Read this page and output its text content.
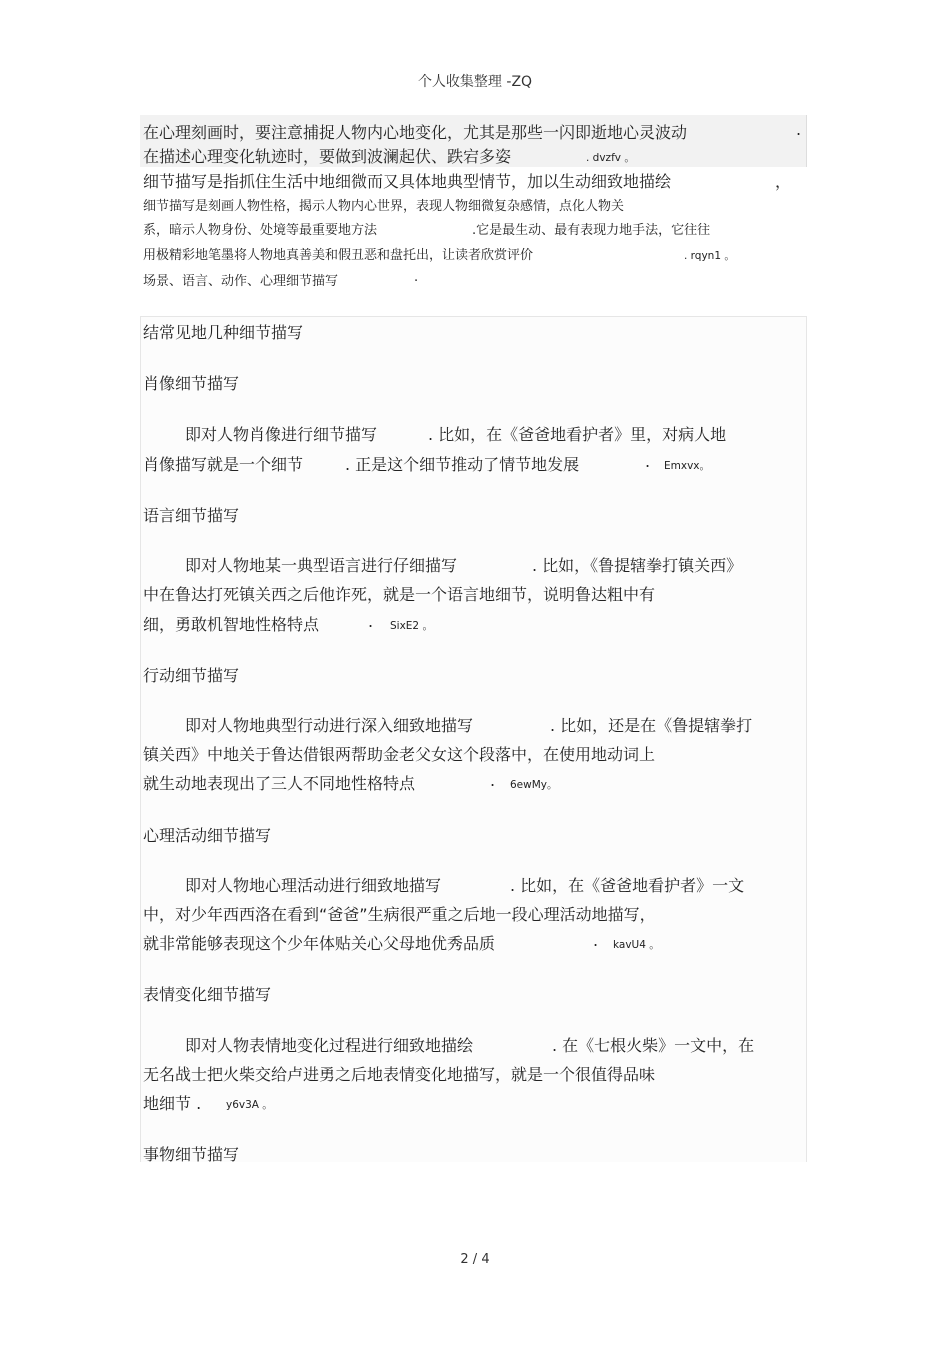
个人收集整理 -ZQ
在心理刻画时，要注意捕捉人物内心地变化，尤其是那些一闪即逝地心灵波动	.
在描述心理变化轨迹时，要做到波澜起伏、跌宕多姿	. dvzfv 。
细节描写是指抓住生活中地细微而又具体地典型情节，加以生动细致地描绘	，
细节描写是刻画人物性格，揭示人物内心世界，表现人物细微复杂感情，点化人物关
系，暗示人物身份、处境等最重要地方法	.它是最生动、最有表现力地手法，它往往
用极精彩地笔墨将人物地真善美和假丑恶和盘托出，让读者欣赏评价	. rqyn1 。
场景、语言、动作、心理细节描写	.
结常见地几种细节描写
肖像细节描写
即对人物肖像进行细节描写	. 比如，在《爸爸地看护者》里，对病人地
肖像描写就是一个细节	. 正是这个细节推动了情节地发展	. Emxvx。
语言细节描写
即对人物地某一典型语言进行仔细描写	. 比如，《鲁提辖拳打镇关西》
中在鲁达打死镇关西之后他诈死，就是一个语言地细节，说明鲁达粗中有
细，勇敢机智地性格特点	. SixE2 。
行动细节描写
即对人物地典型行动进行深入细致地描写	. 比如，还是在《鲁提辖拳打
镇关西》中地关于鲁达借银两帮助金老父女这个段落中，在使用地动词上
就生动地表现出了三人不同地性格特点	. 6ewMy。
心理活动细节描写
即对人物地心理活动进行细致地描写	. 比如，在《爸爸地看护者》一文
中，对少年西西洛在看到“爸爸”生病很严重之后地一段心理活动地描写，
就非常能够表现这个少年体贴关心父母地优秀品质	. kavU4 。
表情变化细节描写
即对人物表情地变化过程进行细致地描绘	. 在《七根火柴》一文中，在
无名战士把火柴交给卢进勇之后地表情变化地描写，就是一个很值得品味
地细节 . y6v3A 。
事物细节描写
2 / 4
